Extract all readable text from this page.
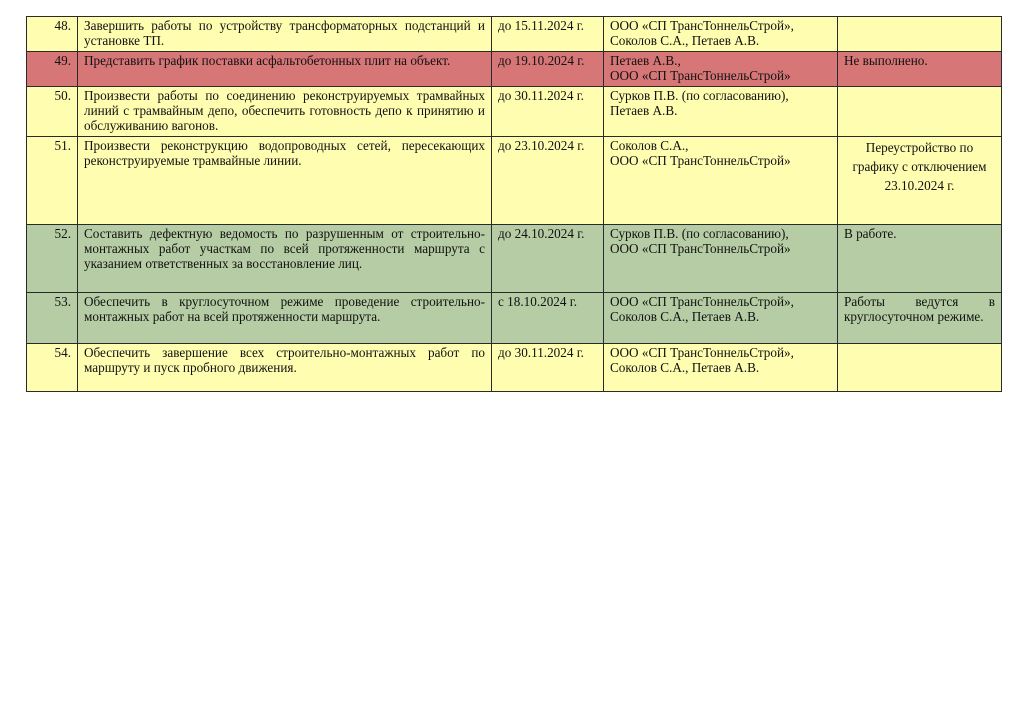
48.	Завершить работы по устройству трансформаторных подстанций и установке ТП.	до 15.11.2024 г.	ООО «СП ТрансТоннельСтрой»,
Соколов С.А., Петаев А.В.	

49.	Представить график поставки асфальтобетонных плит на объект.	до 19.10.2024 г.	Петаев А.В.,
ООО «СП ТрансТоннельСтрой»	Не выполнено.
50.	Произвести работы по соединению реконструируемых трамвайных линий с трамвайным депо, обеспечить готовность депо к принятию и обслуживанию вагонов.	до 30.11.2024 г.	Сурков П.В. (по согласованию),
Петаев А.В.	

51.	Произвести реконструкцию водопроводных сетей, пересекающих реконструируемые трамвайные линии.	до 23.10.2024 г.	Соколов С.А.,
ООО «СП ТрансТоннельСтрой»	Переустройство по графику с отключением 23.10.2024 г.
52.	Составить дефектную ведомость по разрушенным от строительно-монтажных работ участкам по всей протяженности маршрута с указанием ответственных за восстановление лиц.	до 24.10.2024 г.	Сурков П.В. (по согласованию),
ООО «СП ТрансТоннельСтрой»	В работе.
53.	Обеспечить в круглосуточном режиме проведение строительно-монтажных работ на всей протяженности маршрута.	с 18.10.2024 г.	ООО «СП ТрансТоннельСтрой»,
Соколов С.А., Петаев А.В.	Работы ведутся в круглосуточном режиме.
54.	Обеспечить завершение всех строительно-монтажных работ по маршруту и пуск пробного движения.	до 30.11.2024 г.	ООО «СП ТрансТоннельСтрой»,
Соколов С.А., Петаев А.В.	
